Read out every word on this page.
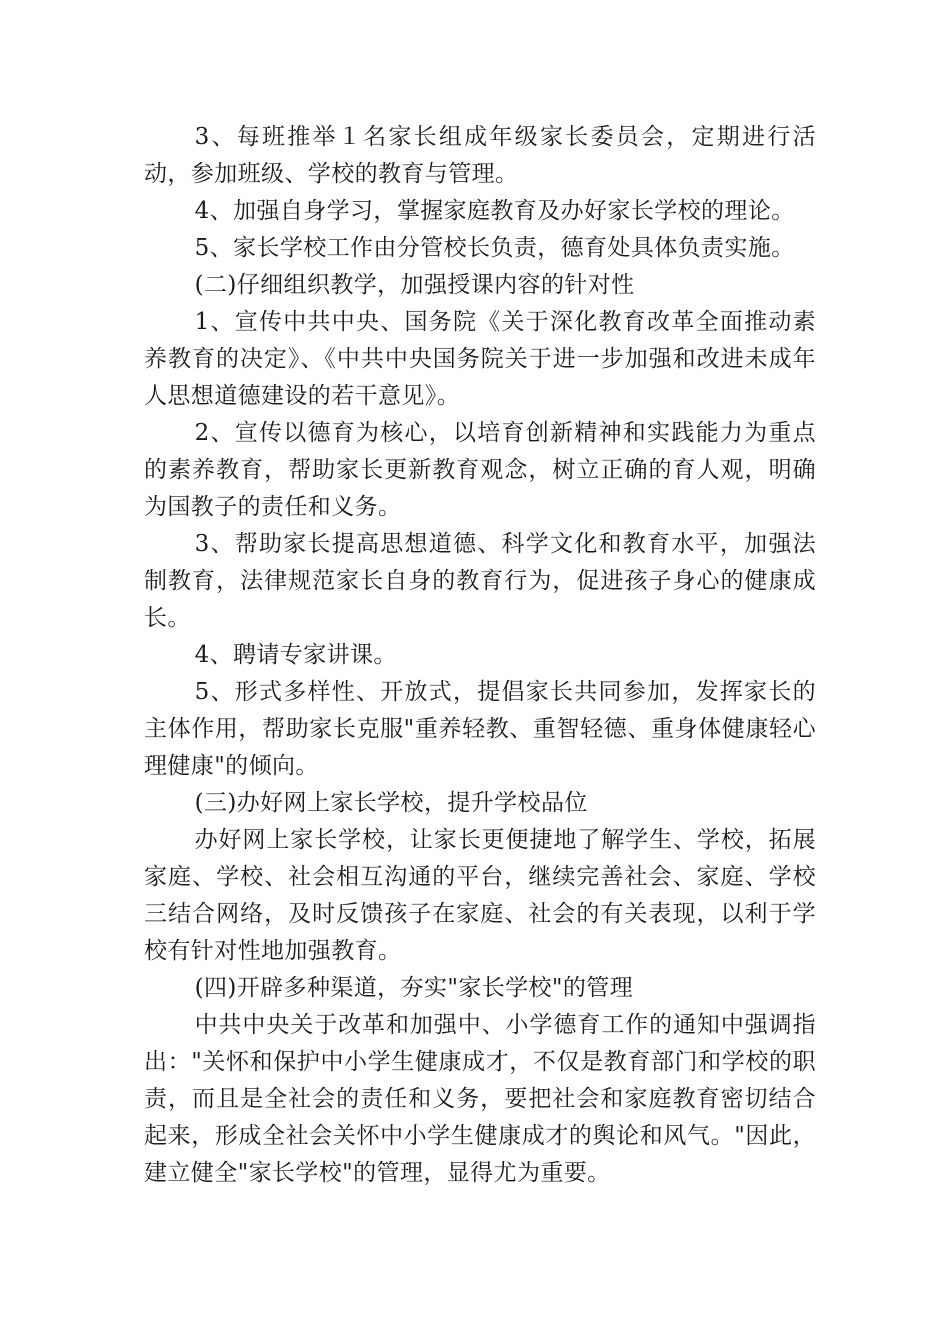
3、每班推举１名家长组成年级家长委员会，定期进行活动，参加班级、学校的教育与管理。

4、加强自身学习，掌握家庭教育及办好家长学校的理论。

5、家长学校工作由分管校长负责，德育处具体负责实施。

(二)仔细组织教学，加强授课内容的针对性

1、宣传中共中央、国务院《关于深化教育改革全面推动素养教育的决定》、《中共中央国务院关于进一步加强和改进未成年人思想道德建设的若干意见》。

2、宣传以德育为核心，以培育创新精神和实践能力为重点的素养教育，帮助家长更新教育观念，树立正确的育人观，明确为国教子的责任和义务。

3、帮助家长提高思想道德、科学文化和教育水平，加强法制教育，法律规范家长自身的教育行为，促进孩子身心的健康成长。

4、聘请专家讲课。

5、形式多样性、开放式，提倡家长共同参加，发挥家长的主体作用，帮助家长克服"重养轻教、重智轻德、重身体健康轻心理健康"的倾向。

(三)办好网上家长学校，提升学校品位

办好网上家长学校，让家长更便捷地了解学生、学校，拓展家庭、学校、社会相互沟通的平台，继续完善社会、家庭、学校三结合网络，及时反馈孩子在家庭、社会的有关表现，以利于学校有针对性地加强教育。

(四)开辟多种渠道，夯实"家长学校"的管理

中共中央关于改革和加强中、小学德育工作的通知中强调指出："关怀和保护中小学生健康成才，不仅是教育部门和学校的职责，而且是全社会的责任和义务，要把社会和家庭教育密切结合起来，形成全社会关怀中小学生健康成才的舆论和风气。"因此，建立健全"家长学校"的管理，显得尤为重要。
